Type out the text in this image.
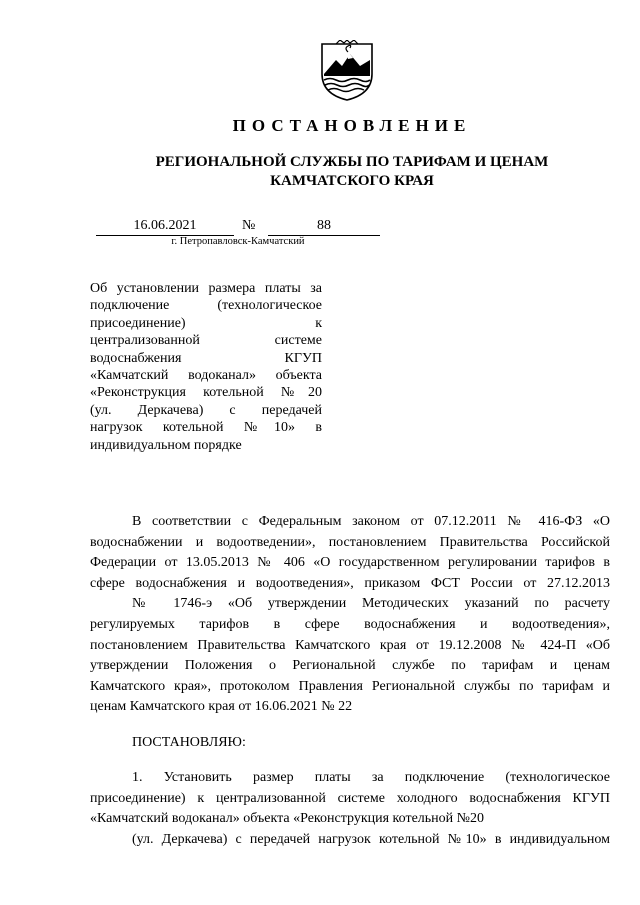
ПОСТАНОВЛЕНИЕ
РЕГИОНАЛЬНОЙ СЛУЖБЫ ПО ТАРИФАМ И ЦЕНАМ
КАМЧАТСКОГО КРАЯ
16.06.2021	№	88
г. Петропавловск-Камчатский
Об установлении размера платы за
подключение (технологическое
присоединение) к
централизованной системе
водоснабжения КГУП
«Камчатский водоканал» объекта
«Реконструкция котельной №20
(ул. Деркачева) с передачей
нагрузок котельной №10» в
индивидуальном порядке
В соответствии с Федеральным законом от 07.12.2011 № 416-ФЗ «О
водоснабжении и водоотведении», постановлением Правительства Российской
Федерации от 13.05.2013 № 406 «О государственном регулировании тарифов в
сфере водоснабжения и водоотведения», приказом ФСТ России от 27.12.2013
№ 1746-э «Об утверждении Методических указаний по расчету
регулируемых тарифов в сфере водоснабжения и водоотведения»,
постановлением Правительства Камчатского края от 19.12.2008 № 424-П «Об
утверждении Положения о Региональной службе по тарифам и ценам
Камчатского края», протоколом Правления Региональной службы по тарифам и
ценам Камчатского края от 16.06.2021 № 22
ПОСТАНОВЛЯЮ:
1. Установить размер платы за подключение (технологическое
присоединение) к централизованной системе холодного водоснабжения КГУП
«Камчатский водоканал» объекта «Реконструкция котельной №20
(ул. Деркачева) с передачей нагрузок котельной №10» в индивидуальном
